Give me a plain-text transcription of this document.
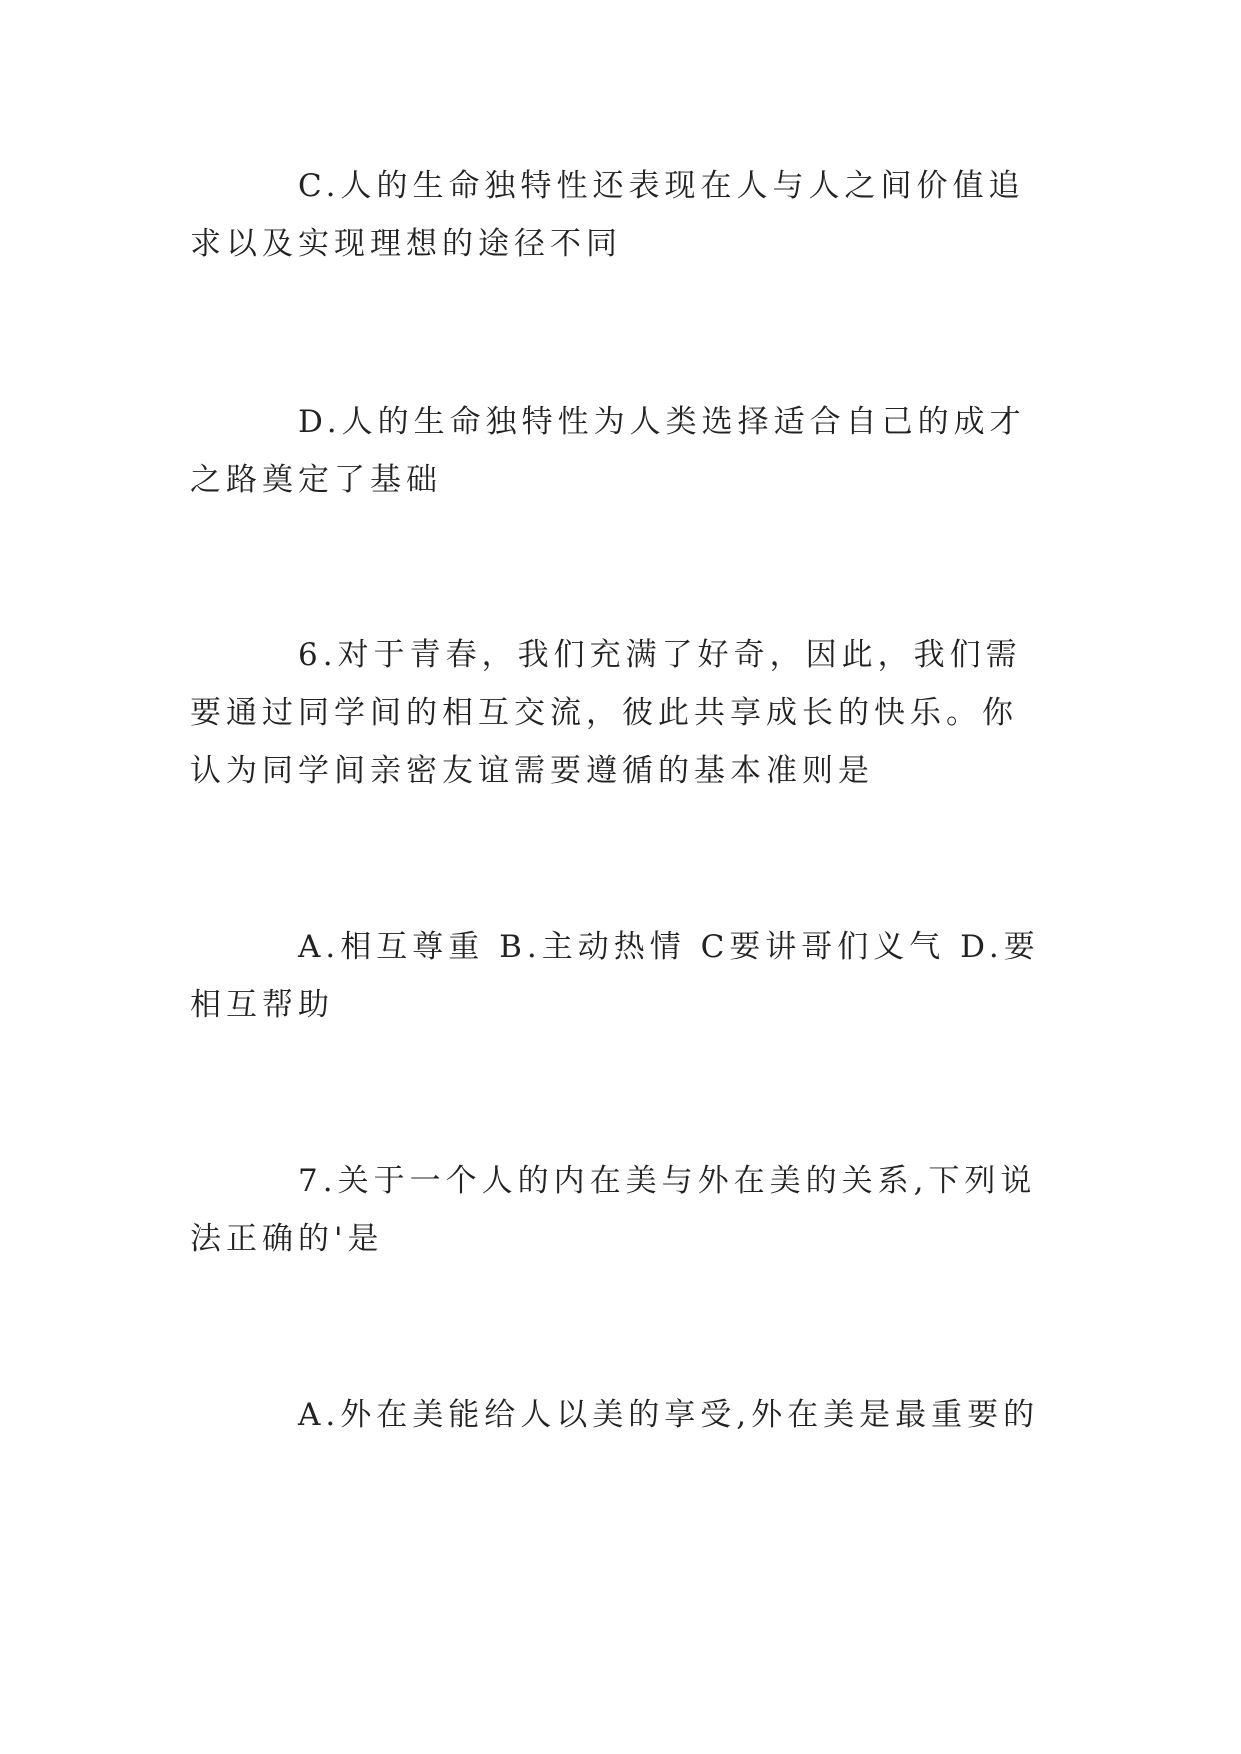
C.人的生命独特性还表现在人与人之间价值追求以及实现理想的途径不同

D.人的生命独特性为人类选择适合自己的成才之路奠定了基础

6.对于青春，我们充满了好奇，因此，我们需要通过同学间的相互交流，彼此共享成长的快乐。你认为同学间亲密友谊需要遵循的基本准则是

A.相互尊重 B.主动热情 C要讲哥们义气 D.要相互帮助

7.关于一个人的内在美与外在美的关系,下列说法正确的'是

A.外在美能给人以美的享受,外在美是最重要的
